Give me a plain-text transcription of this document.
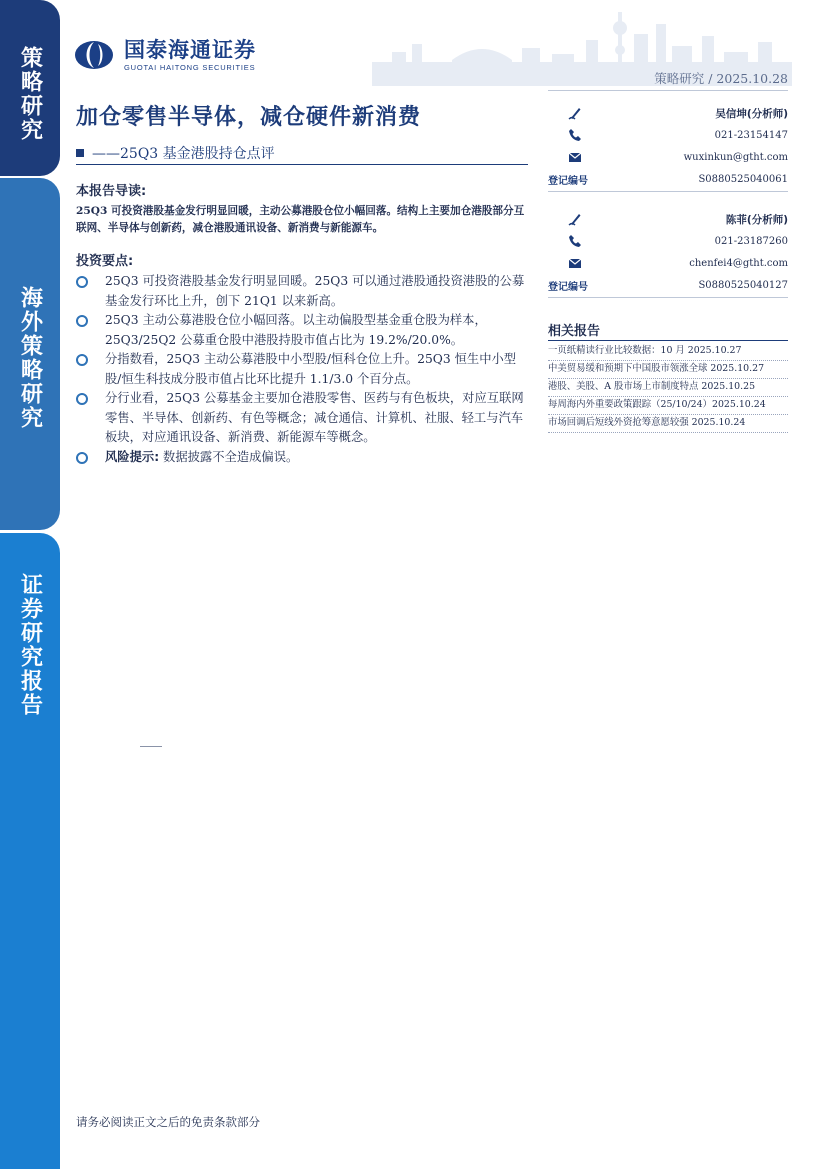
策略研究
海外策略研究
证券研究报告
国泰海通证券
GUOTAI HAITONG SECURITIES
策略研究 / 2025.10.28
加仓零售半导体，减仓硬件新消费
——25Q3 基金港股持仓点评
本报告导读:
25Q3 可投资港股基金发行明显回暖，主动公募港股仓位小幅回落。结构上主要加仓港股部分互联网、半导体与创新药，减仓港股通讯设备、新消费与新能源车。
投资要点:
25Q3 可投资港股基金发行明显回暖。25Q3 可以通过港股通投资港股的公募基金发行环比上升，创下 21Q1 以来新高。
25Q3 主动公募港股仓位小幅回落。以主动偏股型基金重仓股为样本，25Q3/25Q2 公募重仓股中港股持股市值占比为 19.2%/20.0%。
分指数看，25Q3 主动公募港股中小型股/恒科仓位上升。25Q3 恒生中小型股/恒生科技成分股市值占比环比提升 1.1/3.0 个百分点。
分行业看，25Q3 公募基金主要加仓港股零售、医药与有色板块，对应互联网零售、半导体、创新药、有色等概念；减仓通信、计算机、社服、轻工与汽车板块，对应通讯设备、新消费、新能源车等概念。
风险提示: 数据披露不全造成偏误。
吴信坤(分析师)
021-23154147
wuxinkun@gtht.com
登记编号	S0880525040061
陈菲(分析师)
021-23187260
chenfei4@gtht.com
登记编号	S0880525040127
相关报告
一页纸精读行业比较数据：10 月 2025.10.27
中美贸易缓和预期下中国股市领涨全球 2025.10.27
港股、美股、A 股市场上市制度特点 2025.10.25
每周海内外重要政策跟踪（25/10/24）2025.10.24
市场回调后短线外资抢筹意愿较强 2025.10.24
请务必阅读正文之后的免责条款部分
